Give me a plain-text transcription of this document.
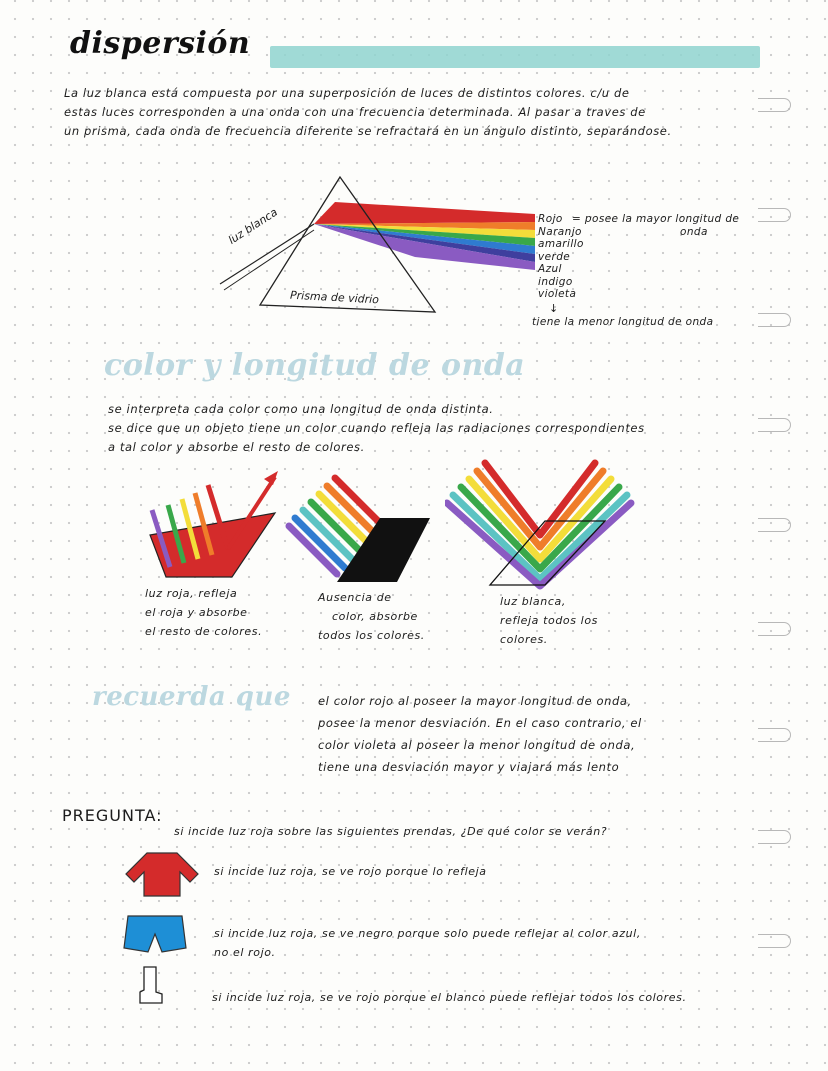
dispersión
La luz blanca está compuesta por una superposición de luces de distintos colores. c/u de
estas luces corresponden a una onda con una frecuencia determinada. Al pasar a traves de
un prisma, cada onda de frecuencia diferente se refractará en un ángulo distinto, separándose.
luz blanca
Prisma de vidrio
Rojo
Naranjo
amarillo
verde
Azul
indigo
violeta
= posee la mayor longitud de
onda
↓
tiene la menor longitud de onda
color y longitud de onda
se interpreta cada color como una longitud de onda distinta.
se dice que un objeto tiene un color cuando refleja las radiaciones correspondientes
a tal color y absorbe el resto de colores.
luz roja, refleja
el roja y absorbe
el resto de colores.
Ausencia de
color, absorbe
todos los colores.
luz blanca,
refleja todos los
colores.
recuerda que el color rojo al poseer la mayor longitud de onda,
posee la menor desviación. En el caso contrario, el
color violeta al poseer la menor longitud de onda,
tiene una desviación mayor y viajará más lento
PREGUNTA:
si incide luz roja sobre las siguientes prendas, ¿De qué color se verán?
si incide luz roja, se ve rojo porque lo refleja
si incide luz roja, se ve negro porque solo puede reflejar al color azul,
no el rojo.
si incide luz roja, se ve rojo porque el blanco puede reflejar todos los colores.
